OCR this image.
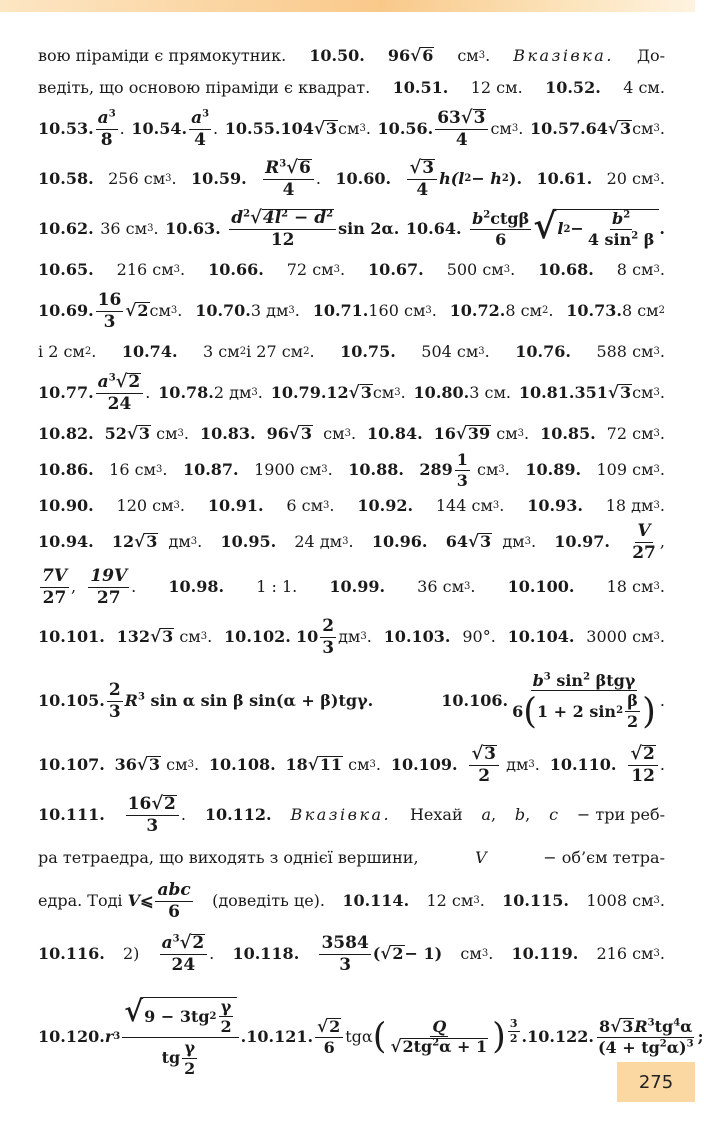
вою піраміди є прямокутник. 10.50. 96 √ 6 см 3 . Вказівка. До-
ведіть, що основою піраміди є квадрат. 10.51. 12 см. 10.52. 4 см.
10.53. $\frac{a^3}{8}$ . 10.54. $\frac{a^3}{4}$ . 10.55. 104 √ 3 см 3 . 10.56. $\frac{63 √ 3}{4}$ см 3 . 10.57. 64 √ 3 см 3 .
10.58. 256 см 3 . 10.59. $\frac{R^3 √ 6}{4}$ . 10.60. $\frac{√ 3}{4} h(l$ 2 − h 2 ). 10.61. 20 см 3 .
10.62. 36 см 3 . 10.63. $\frac{d^2 √ 4l^2 - d^2}{12}$ sin 2α. 10.64. $\frac{b^2ctg\beta}{6}$ √ l $2 - \frac{b^2}{4 \sin^2 \beta}$ .
10.65. 216 см 3 . 10.66. 72 см 3 . 10.67. 500 см 3 . 10.68. 8 см 3 .
10.69. $\frac{16}{3}$ √ 2 см 3 . 10.70. 3 дм 3 . 10.71. 160 см 3 . 10.72. 8 см 2 . 10.73. 8 см 2
і 2 см 2 . 10.74. 3 см 2 і 27 см 2 . 10.75. 504 см 3 . 10.76. 588 см 3 .
10.77. $\frac{a^3 √ 2}{24}$ . 10.78. 2 дм 3 . 10.79. 12 √ 3 см 3 . 10.80. 3 см. 10.81. 351 √ 3 см 3 .
10.82. 52 √ 3
см 3 . 10.83. 96 √ 3
см 3 . 10.84. 16 √ 39
см 3 . 10.85. 72 см 3 .
10.86. 16 см 3 . 10.87. 1900 см 3 . 10.88. $289 \frac{1}{3}$
см 3 . 10.89. 109 см 3 .
10.90. 120 см 3 . 10.91. 6 см 3 . 10.92. 144 см 3 . 10.93. 18 дм 3 .
10.94. 12 √ 3
дм 3 . 10.95. 24 дм 3 . 10.96. 64 √ 3
дм 3 . 10.97. $\frac{V}{27}$ ,
$\frac{7V}{27}$ ,
$\frac{19V}{27}$ . 10.98. 1 : 1. 10.99. 36 см 3 . 10.100. 18 см 3 .
10.101. 132 √ 3
см 3 . 10.102.
$10 \frac{2}{3}$ дм 3 . 10.103. 90°. 10.104. 3000 см 3 .
10.105. $\frac{2}{3} R^3$ sin α sin β sin(α + β)tgγ.	10.106. $\frac{b^3 \sin^2 \beta tg\gamma}{6 ( 1 + 2 \sin 2 \frac{\beta}{2} )}$ .
10.107. 36 √ 3
см 3 . 10.108. 18 √ 11
см 3 . 10.109. $\frac{√ 3}{2}$
дм 3 . 10.110. $\frac{√ 2}{12}$ .
10.111. $\frac{16 √ 2}{3}$ . 10.112. Вказівка. Нехай a , b , c − три реб-
ра тетраедра, що виходять з однієї вершини,	V	− об’єм тетра-
едра. Тоді
V ⩽ $\frac{\text{abc}}{6}$ (доведіть це). 10.114. 12 см 3 . 10.115. 1008 см 3 .
10.116. $2) \frac{a^3 √ 2}{24}$ . 10.118. $\frac{3584}{3}$ ( √ 2 − 1) см 3 . 10.119. 216 см 3 .
10.120. r $3 \frac{√ 9 - 3tg 2 \frac{\gamma}{2}}{tg \frac{\gamma}{2}}$ . 10.121. $\frac{√ 2}{6}$ tgα ( $\frac{Q}{√ 2tg^2\alpha + 1}$ ) $\frac{3}{2}$ . 10.122. $\frac{8 √ 3 R^3tg^4\alpha}{(4 + tg^2\alpha)^3}$ ;
275
